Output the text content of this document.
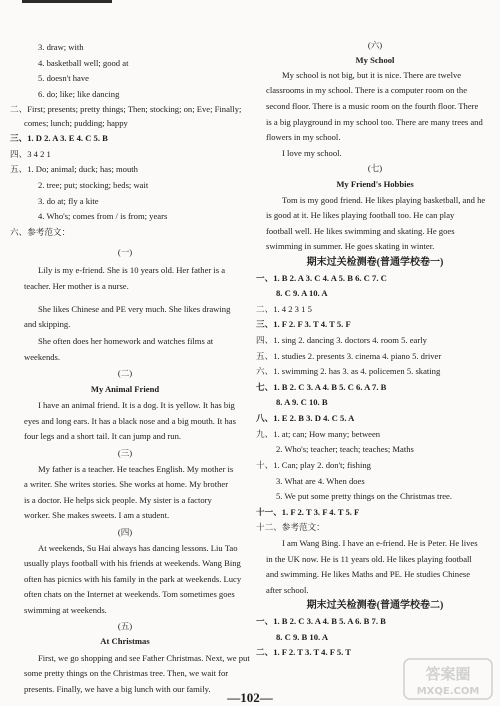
3. draw; with
4. basketball well; good at
5. doesn't have
6. do; like; like dancing
二、First; presents; pretty things; Then; stocking; on; Eve; Finally;
comes; lunch; pudding; happy
三、1. D 2. A 3. E 4. C 5. B
四、3 4 2 1
五、1. Do; animal; duck; has; mouth
2. tree; put; stocking; beds; wait
3. do at; fly a kite
4. Who's; comes from / is from; years
六、参考范文：
(一)
Lily is my e-friend. She is 10 years old. Her father is a
teacher. Her mother is a nurse.
She likes Chinese and PE very much. She likes drawing
and skipping.
She often does her homework and watches films at
weekends.
(二)
My Animal Friend
I have an animal friend. It is a dog. It is yellow. It has big
eyes and long ears. It has a black nose and a big mouth. It has
four legs and a short tail. It can jump and run.
(三)
My father is a teacher. He teaches English. My mother is
a writer. She writes stories. She works at home. My brother
is a doctor. He helps sick people. My sister is a factory
worker. She makes sweets. I am a student.
(四)
At weekends, Su Hai always has dancing lessons. Liu Tao
usually plays football with his friends at weekends. Wang Bing
often has picnics with his family in the park at weekends. Lucy
often chats on the Internet at weekends. Tom sometimes goes
swimming at weekends.
(五)
At Christmas
First, we go shopping and see Father Christmas. Next, we put
some pretty things on the Christmas tree. Then, we wait for
presents. Finally, we have a big lunch with our family.
(六)
My School
My school is not big, but it is nice. There are twelve
classrooms in my school. There is a computer room on the
second floor. There is a music room on the fourth floor. There
is a big playground in my school too. There are many trees and
flowers in my school.
I love my school.
(七)
My Friend's Hobbies
Tom is my good friend. He likes playing basketball, and he
is good at it. He likes playing football too. He can play
football well. He likes swimming and skating. He goes
swimming in summer. He goes skating in winter.
期末过关检测卷(普通学校卷一)
一、1. B 2. A 3. C 4. A 5. B 6. C 7. C
8. C 9. A 10. A
二、1. 4 2 3 1 5
三、1. F 2. F 3. T 4. T 5. F
四、1. sing 2. dancing 3. doctors 4. room 5. early
五、1. studies 2. presents 3. cinema 4. piano 5. driver
六、1. swimming 2. has 3. as 4. policemen 5. skating
七、1. B 2. C 3. A 4. B 5. C 6. A 7. B
8. A 9. C 10. B
八、1. E 2. B 3. D 4. C 5. A
九、1. at; can; How many; between
2. Who's; teacher; teach; teaches; Maths
十、1. Can; play 2. don't; fishing
3. What are 4. When does
5. We put some pretty things on the Christmas tree.
十一、1. F 2. T 3. F 4. T 5. F
十二、参考范文：
I am Wang Bing. I have an e-friend. He is Peter. He lives
in the UK now. He is 11 years old. He likes playing football
and swimming. He likes Maths and PE. He studies Chinese
after school.
期末过关检测卷(普通学校卷二)
一、1. B 2. C 3. A 4. B 5. A 6. B 7. B
8. C 9. B 10. A
二、1. F 2. T 3. T 4. F 5. T
—102—
答案圈
MXQE.COM
